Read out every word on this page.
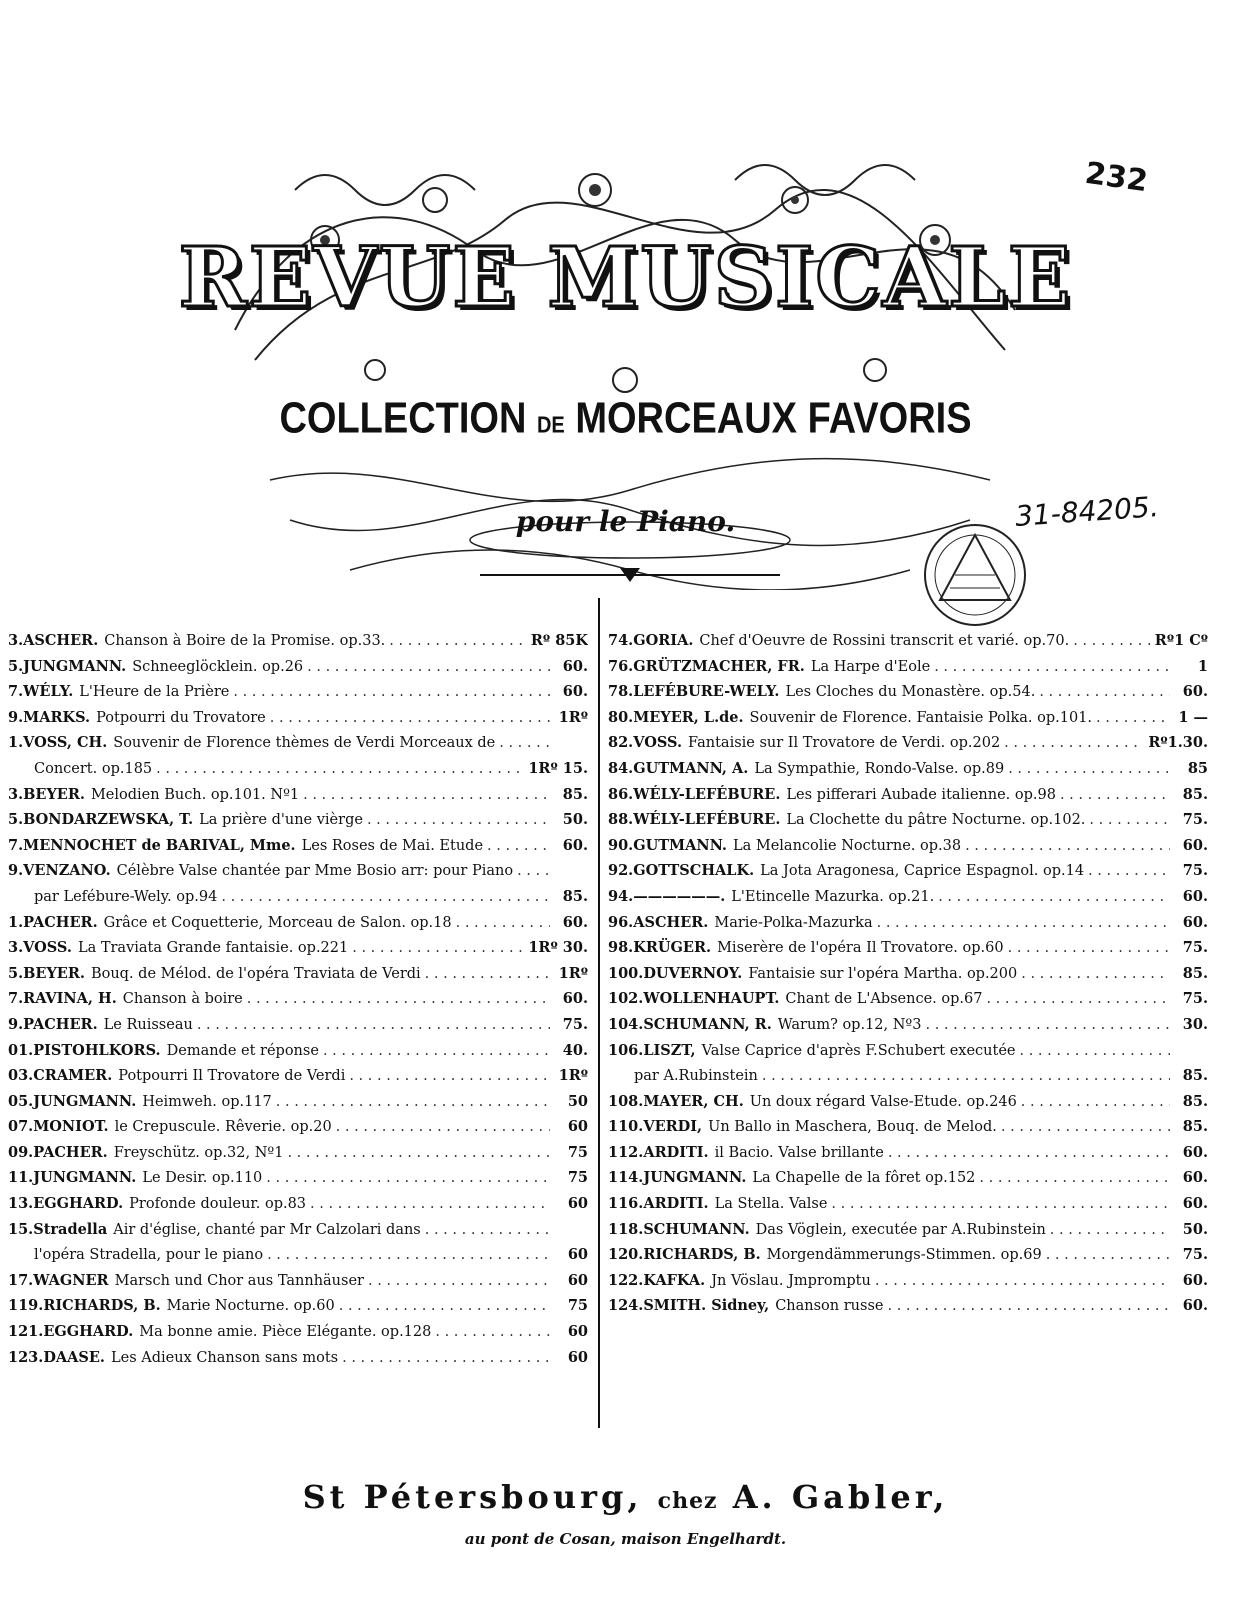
232
REVUE MUSICALE
COLLECTION DE MORCEAUX FAVORIS
pour le Piano.	31-84205.
3. ASCHER. Chanson à Boire de la Promise. op.33. . . .	Rº 85K
5. JUNGMANN. Schneeglöcklein. op.26 . . .	60.
7. WÉLY. L'Heure de la Prière . . .	60.
9. MARKS. Potpourri du Trovatore . . .	1Rº
1. VOSS, CH. Souvenir de Florence thèmes de Verdi Morceaux de
. . .
Concert. op.185 . . .	1Rº 15.
3. BEYER. Melodien Buch. op.101. Nº1 . . .	85.
5. BONDARZEWSKA, T. La prière d'une vièrge . . .	50.
7. MENNOCHET de BARIVAL, Mme. Les Roses de Mai. Etude . . .	60.
9. VENZANO. Célèbre Valse chantée par Mme Bosio arr: pour Piano
. . .
par Lefébure-Wely. op.94 . . .	85.
1. PACHER. Grâce et Coquetterie, Morceau de Salon. op.18 . . .	60.
3. VOSS. La Traviata Grande fantaisie. op.221 . . .	1Rº 30.
5. BEYER. Bouq. de Mélod. de l'opéra Traviata de Verdi . . .	1Rº
7. RAVINA, H. Chanson à boire . . .	60.
9. PACHER. Le Ruisseau . . .	75.
01. PISTOHLKORS. Demande et réponse . . .	40.
03. CRAMER. Potpourri Il Trovatore de Verdi . . .	1Rº
05. JUNGMANN. Heimweh. op.117 . . .	50
07. MONIOT. le Crepuscule. Rêverie. op.20 . . .	60
09. PACHER. Freyschütz. op.32, Nº1 . . .	75
11. JUNGMANN. Le Desir. op.110 . . .	75
13. EGGHARD. Profonde douleur. op.83 . . .	60
15. Stradella Air d'église, chanté par Mr Calzolari dans
. . .
l'opéra Stradella, pour le piano . . .	60
17. WAGNER Marsch und Chor aus Tannhäuser . . .	60
119. RICHARDS, B. Marie Nocturne. op.60 . . .	75
121. EGGHARD. Ma bonne amie. Pièce Elégante. op.128 . . .	60
123. DAASE. Les Adieux Chanson sans mots . . .	60
74. GORIA. Chef d'Oeuvre de Rossini transcrit et varié. op.70. . . .	Rº1 Cº
76. GRÜTZMACHER, FR. La Harpe d'Eole . . .	1
78. LEFÉBURE-WELY. Les Cloches du Monastère. op.54. . . .	60.
80. MEYER, L.de. Souvenir de Florence. Fantaisie Polka. op.101. . . .	1 —
82. VOSS. Fantaisie sur Il Trovatore de Verdi. op.202 . . .	Rº1.30.
84. GUTMANN, A. La Sympathie, Rondo-Valse. op.89 . . .	85
86. WÉLY-LEFÉBURE. Les pifferari Aubade italienne. op.98 . . .	85.
88. WÉLY-LEFÉBURE. La Clochette du pâtre Nocturne. op.102. . . .	75.
90. GUTMANN. La Melancolie Nocturne. op.38 . . .	60.
92. GOTTSCHALK. La Jota Aragonesa, Caprice Espagnol. op.14 . . .	75.
94. ——————. L'Etincelle Mazurka. op.21. . . .	60.
96. ASCHER. Marie-Polka-Mazurka . . .	60.
98. KRÜGER. Miserère de l'opéra Il Trovatore. op.60 . . .	75.
100. DUVERNOY. Fantaisie sur l'opéra Martha. op.200 . . .	85.
102. WOLLENHAUPT. Chant de L'Absence. op.67 . . .	75.
104. SCHUMANN, R. Warum? op.12, Nº3 . . .	30.
106. LISZT, Valse Caprice d'après F.Schubert executée
. . .
par A.Rubinstein . . .	85.
108. MAYER, CH. Un doux régard Valse-Etude. op.246 . . .	85.
110. VERDI, Un Ballo in Maschera, Bouq. de Melod. . . .	85.
112. ARDITI. il Bacio. Valse brillante . . .	60.
114. JUNGMANN. La Chapelle de la fôret op.152 . . .	60.
116. ARDITI. La Stella. Valse . . .	60.
118. SCHUMANN. Das Vöglein, executée par A.Rubinstein . . .	50.
120. RICHARDS, B. Morgendämmerungs-Stimmen. op.69 . . .	75.
122. KAFKA. Jn Vöslau. Jmpromptu . . .	60.
124. SMITH. Sidney, Chanson russe . . .	60.
St Pétersbourg, chez A. Gabler,
au pont de Cosan, maison Engelhardt.
